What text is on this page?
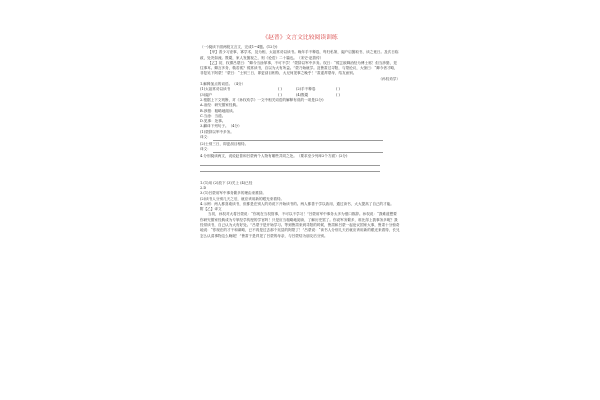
《赵普》文言文比较阅读训练

（一)阅读下面两段文言文，完成1~4题。(12分)

【甲】普少习吏事，寡学术，及为相，太祖常劝以读书。晚年手不释卷，每归私第，阖户启箧取书，读之竟日。及次日临政，处决如流。既薨，家人发箧视之，则《论语》二十篇也。（宋史·赵普传）

【乙】初，权谓吕蒙曰：“卿今当涂掌事，不可不学！”蒙辞以军中多务。权曰：“孤岂欲卿治经为博士邪！但当涉猎，见往事耳。卿言多务，孰若孤？孤常读书，自以为大有所益。”蒙乃始就学。及鲁肃过寻阳，与蒙论议，大惊曰：“卿今者才略，非复吴下阿蒙！”蒙曰：“士别三日，即更刮目相待，大兄何见事之晚乎！”肃遂拜蒙母，结友而别。

（孙权劝学）

1.解释加点的词语。（4分）

(1)太祖常劝以读书	( )	(2)手不释卷	( )
(3)阖户	( )	(4)既薨	( )

2.根据上下文判断，对《孙权劝学》一文中相关词语的解释有误的一项是(2分)

A.治经：研究儒家经典。

B.涉猎：粗略地阅读。

C.当涂：当道。

D.见事：处事。

3.翻译下列句子。（4分）

(1)蒙辞以军中多务。

译文：

(2)士别三日，即更刮目相待。

译文：

4.分别阅读两文，说说赵普和吕蒙两个人物有哪些共同之处。（要求至少列举2个方面）(2分)

1.(1)用 (2)放下 (3)关上 (4)已经

2.D

3.(1)吕蒙用军中事务繁多的理由来推辞。

(2)读书人分别几天之后，就应该用新的眼光来看待。

4.示例：两人都喜欢读书，但都是在别人的劝说下开始读书的。两人都善于学以致用，通过读书，大大提高了自己的才能。

附【乙】译文

当初，孙权对大将吕蒙说：“你现在当权管事，不可以不学习！”吕蒙用军中事务太多为借口推辞。孙权说：“我难道想要你研究儒家经典成为专掌经学传授的学官吗！只是应当粗略地阅读，了解历史罢了。你说军务繁多，谁比得上我事务多呢？我经常读书，自己认为大有好处。”吕蒙于是开始学习。等到鲁肃来到寻阳的时候，鲁肃和吕蒙一起论议国家大事，鲁肃十分惊奇地说：“你现在的才干和谋略，已不再是过去那个吴县的阿蒙了！”吕蒙说：“读书人分别几天后就应该用新的眼光来看待，长兄怎么认清事物这么晚呢！”鲁肃于是拜见了吕蒙的母亲，与吕蒙结为朋友后分别。
